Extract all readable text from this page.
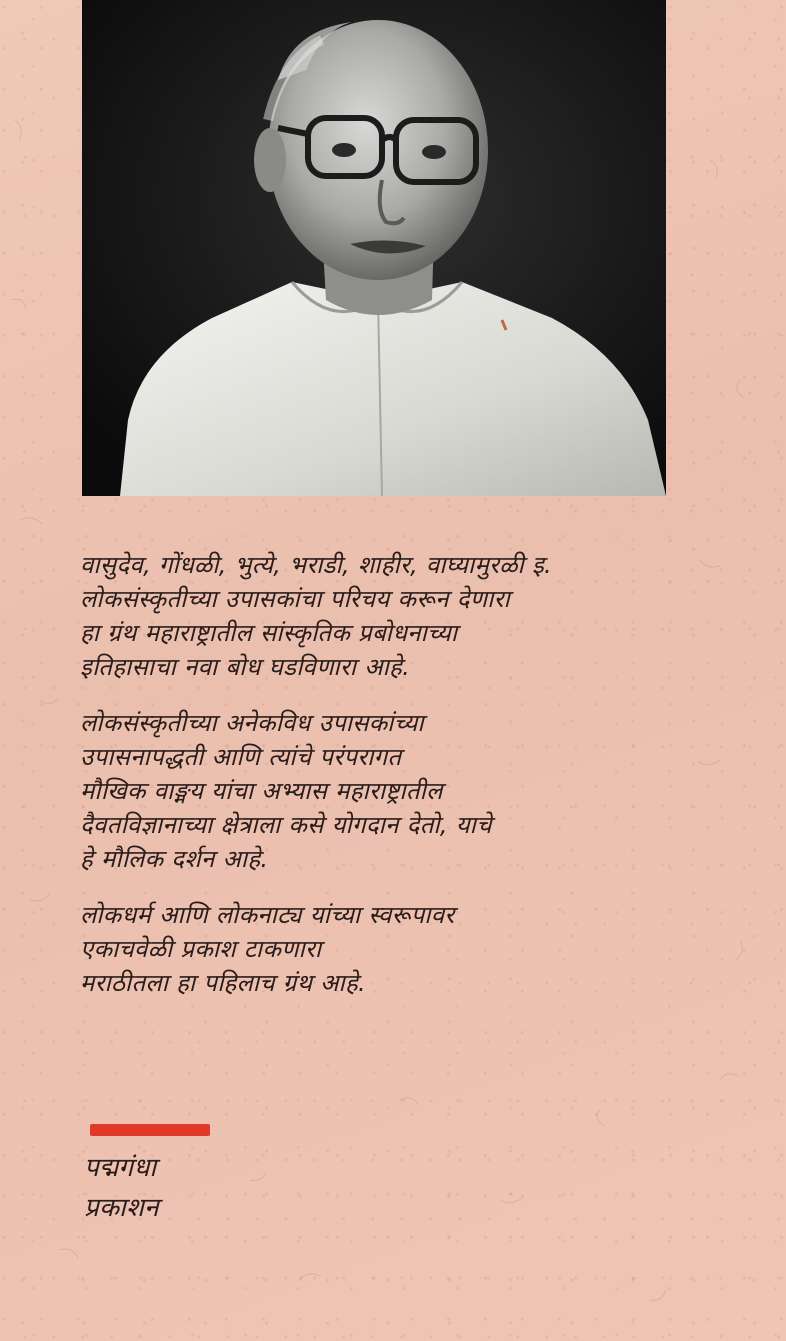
वासुदेव, गोंधळी, भुत्ये, भराडी, शाहीर, वाघ्यामुरळी इ.
लोकसंस्कृतीच्या उपासकांचा परिचय करून देणारा
हा ग्रंथ महाराष्ट्रातील सांस्कृतिक प्रबोधनाच्या
इतिहासाचा नवा बोध घडविणारा आहे.
लोकसंस्कृतीच्या अनेकविध उपासकांच्या
उपासनापद्धती आणि त्यांचे परंपरागत
मौखिक वाङ्मय यांचा अभ्यास महाराष्ट्रातील
दैवतविज्ञानाच्या क्षेत्राला कसे योगदान देतो, याचे
हे मौलिक दर्शन आहे.
लोकधर्म आणि लोकनाट्य यांच्या स्वरूपावर
एकाचवेळी प्रकाश टाकणारा
मराठीतला हा पहिलाच ग्रंथ आहे.
पद्मगंधा
प्रकाशन
